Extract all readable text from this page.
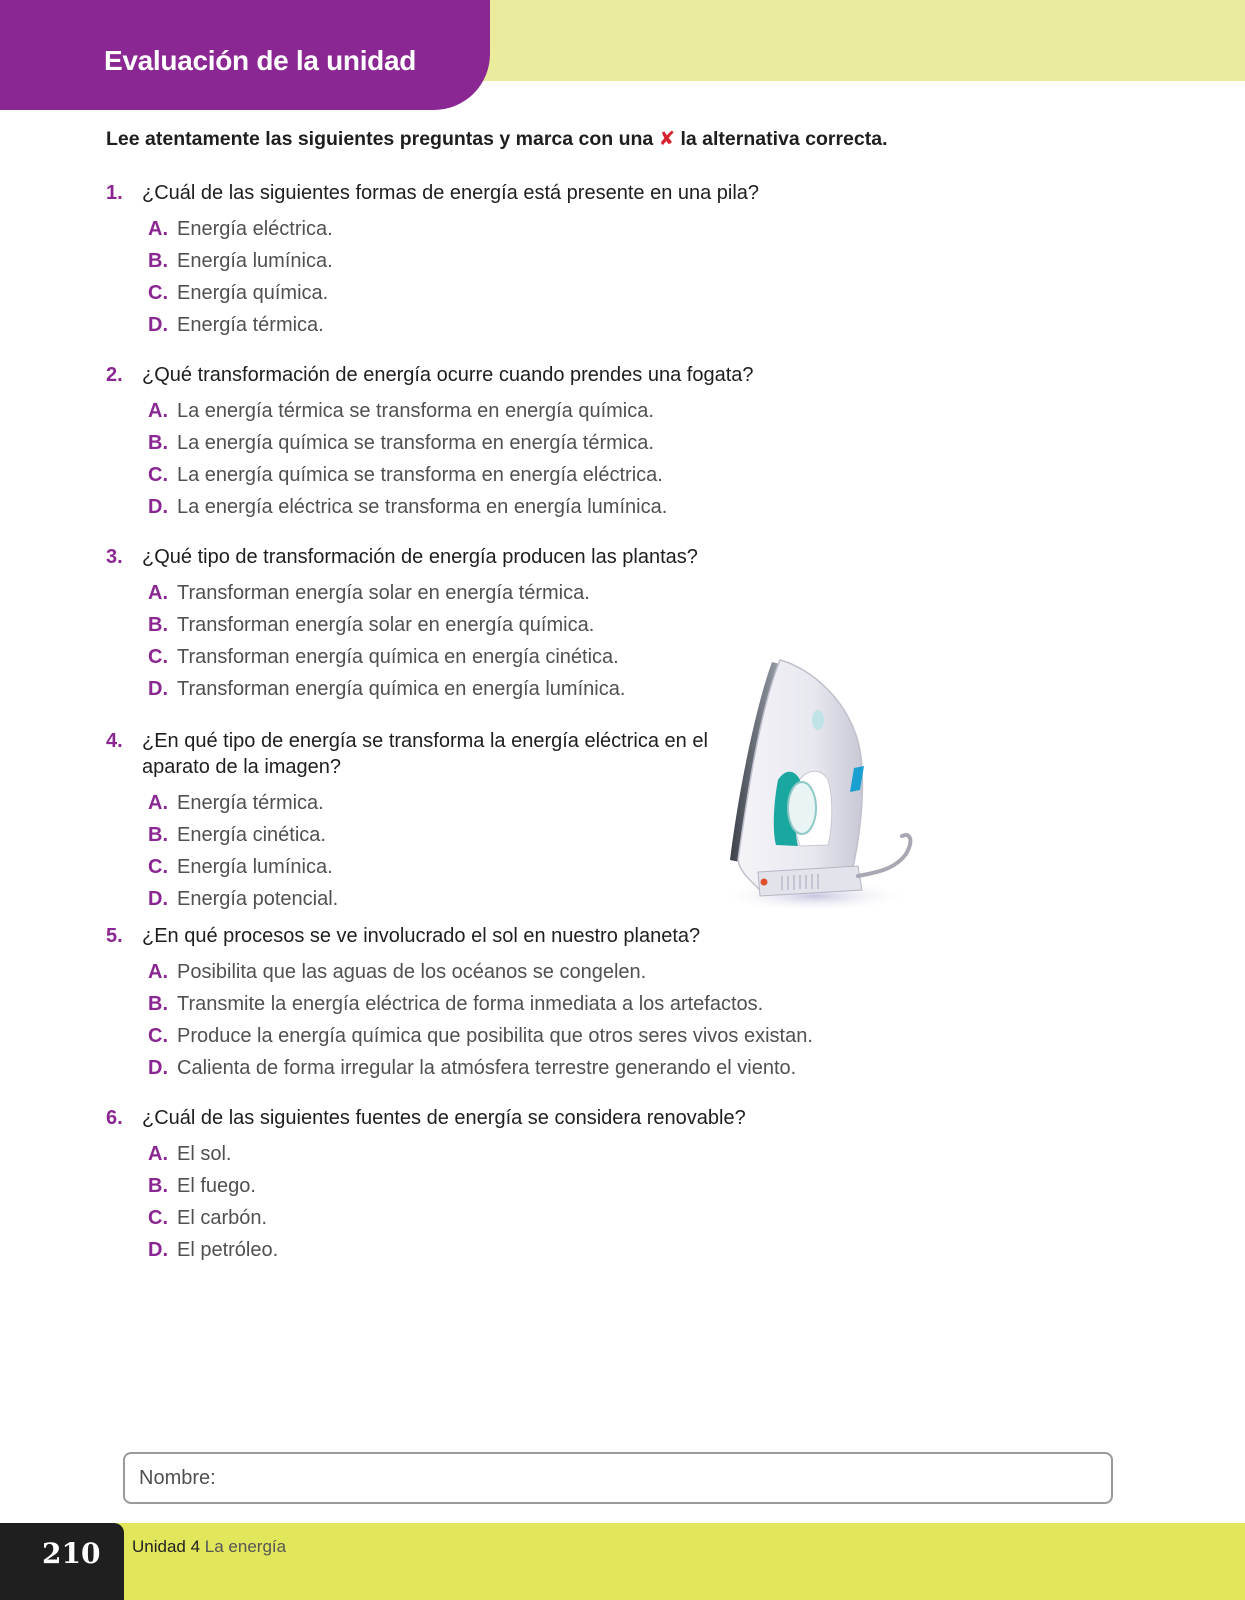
Evaluación de la unidad
Lee atentamente las siguientes preguntas y marca con una ✘ la alternativa correcta.
1. ¿Cuál de las siguientes formas de energía está presente en una pila?
A. Energía eléctrica.
B. Energía lumínica.
C. Energía química.
D. Energía térmica.
2. ¿Qué transformación de energía ocurre cuando prendes una fogata?
A. La energía térmica se transforma en energía química.
B. La energía química se transforma en energía térmica.
C. La energía química se transforma en energía eléctrica.
D. La energía eléctrica se transforma en energía lumínica.
3. ¿Qué tipo de transformación de energía producen las plantas?
A. Transforman energía solar en energía térmica.
B. Transforman energía solar en energía química.
C. Transforman energía química en energía cinética.
D. Transforman energía química en energía lumínica.
4. ¿En qué tipo de energía se transforma la energía eléctrica en el aparato de la imagen?
A. Energía térmica.
B. Energía cinética.
C. Energía lumínica.
D. Energía potencial.
5. ¿En qué procesos se ve involucrado el sol en nuestro planeta?
A. Posibilita que las aguas de los océanos se congelen.
B. Transmite la energía eléctrica de forma inmediata a los artefactos.
C. Produce la energía química que posibilita que otros seres vivos existan.
D. Calienta de forma irregular la atmósfera terrestre generando el viento.
6. ¿Cuál de las siguientes fuentes de energía se considera renovable?
A. El sol.
B. El fuego.
C. El carbón.
D. El petróleo.
Nombre:
210 Unidad 4 La energía
